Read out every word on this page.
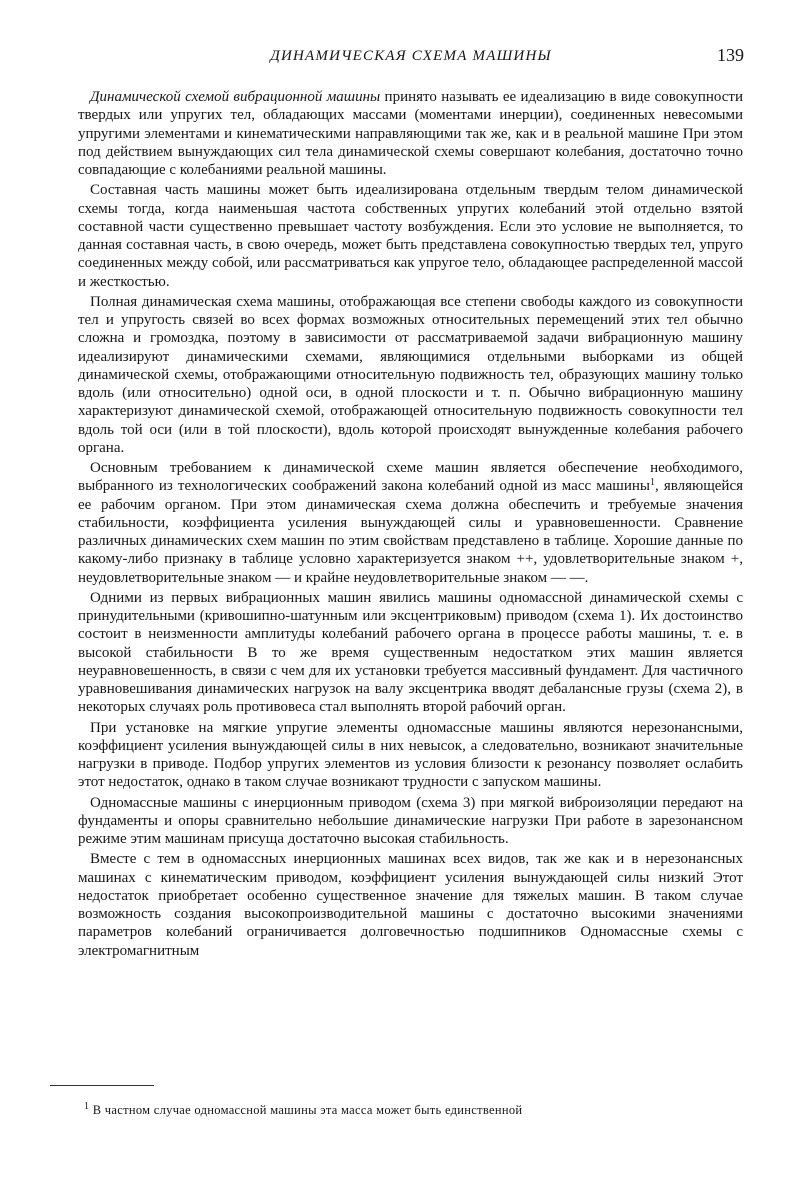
ДИНАМИЧЕСКАЯ СХЕМА МАШИНЫ	139

Динамической схемой вибрационной машины принято называть ее идеализацию в виде совокупности твердых или упругих тел, обладающих массами (моментами инерции), соединенных невесомыми упругими элементами и кинематическими направляющими так же, как и в реальной машине При этом под действием вынуждающих сил тела динамической схемы совершают колебания, достаточно точно совпадающие с колебаниями реальной машины.

Составная часть машины может быть идеализирована отдельным твердым телом динамической схемы тогда, когда наименьшая частота собственных упругих колебаний этой отдельно взятой составной части существенно превышает частоту возбуждения. Если это условие не выполняется, то данная составная часть, в свою очередь, может быть представлена совокупностью твердых тел, упруго соединенных между собой, или рассматриваться как упругое тело, обладающее распределенной массой и жесткостью.

Полная динамическая схема машины, отображающая все степени свободы каждого из совокупности тел и упругость связей во всех формах возможных относительных перемещений этих тел обычно сложна и громоздка, поэтому в зависимости от рассматриваемой задачи вибрационную машину идеализируют динамическими схемами, являющимися отдельными выборками из общей динамической схемы, отображающими относительную подвижность тел, образующих машину только вдоль (или относительно) одной оси, в одной плоскости и т. п. Обычно вибрационную машину характеризуют динамической схемой, отображающей относительную подвижность совокупности тел вдоль той оси (или в той плоскости), вдоль которой происходят вынужденные колебания рабочего органа.

Основным требованием к динамической схеме машин является обеспечение необходимого, выбранного из технологических соображений закона колебаний одной из масс машины$^1$, являющейся ее рабочим органом. При этом динамическая схема должна обеспечить и требуемые значения стабильности, коэффициента усиления вынуждающей силы и уравновешенности. Сравнение различных динамических схем машин по этим свойствам представлено в таблице. Хорошие данные по какому-либо признаку в таблице условно характеризуется знаком ++, удовлетворительные знаком +, неудовлетворительные знаком — и крайне неудовлетворительные знаком — —.

Одними из первых вибрационных машин явились машины одномассной динамической схемы с принудительными (кривошипно-шатунным или эксцентриковым) приводом (схема 1). Их достоинство состоит в неизменности амплитуды колебаний рабочего органа в процессе работы машины, т. е. в высокой стабильности В то же время существенным недостатком этих машин является неуравновешенность, в связи с чем для их установки требуется массивный фундамент. Для частичного уравновешивания динамических нагрузок на валу эксцентрика вводят дебалансные грузы (схема 2), в некоторых случаях роль противовеса стал выполнять второй рабочий орган.

При установке на мягкие упругие элементы одномассные машины являются нерезонансными, коэффициент усиления вынуждающей силы в них невысок, а следовательно, возникают значительные нагрузки в приводе. Подбор упругих элементов из условия близости к резонансу позволяет ослабить этот недостаток, однако в таком случае возникают трудности с запуском машины.

Одномассные машины с инерционным приводом (схема 3) при мягкой виброизоляции передают на фундаменты и опоры сравнительно небольшие динамические нагрузки При работе в зарезонансном режиме этим машинам присуща достаточно высокая стабильность.

Вместе с тем в одномассных инерционных машинах всех видов, так же как и в нерезонансных машинах с кинематическим приводом, коэффициент усиления вынуждающей силы низкий Этот недостаток приобретает особенно существенное значение для тяжелых машин. В таком случае возможность создания высокопроизводительной машины с достаточно высокими значениями параметров колебаний ограничивается долговечностью подшипников Одномассные схемы с электромагнитным

$^1$ В частном случае одномассной машины эта масса может быть единственной
